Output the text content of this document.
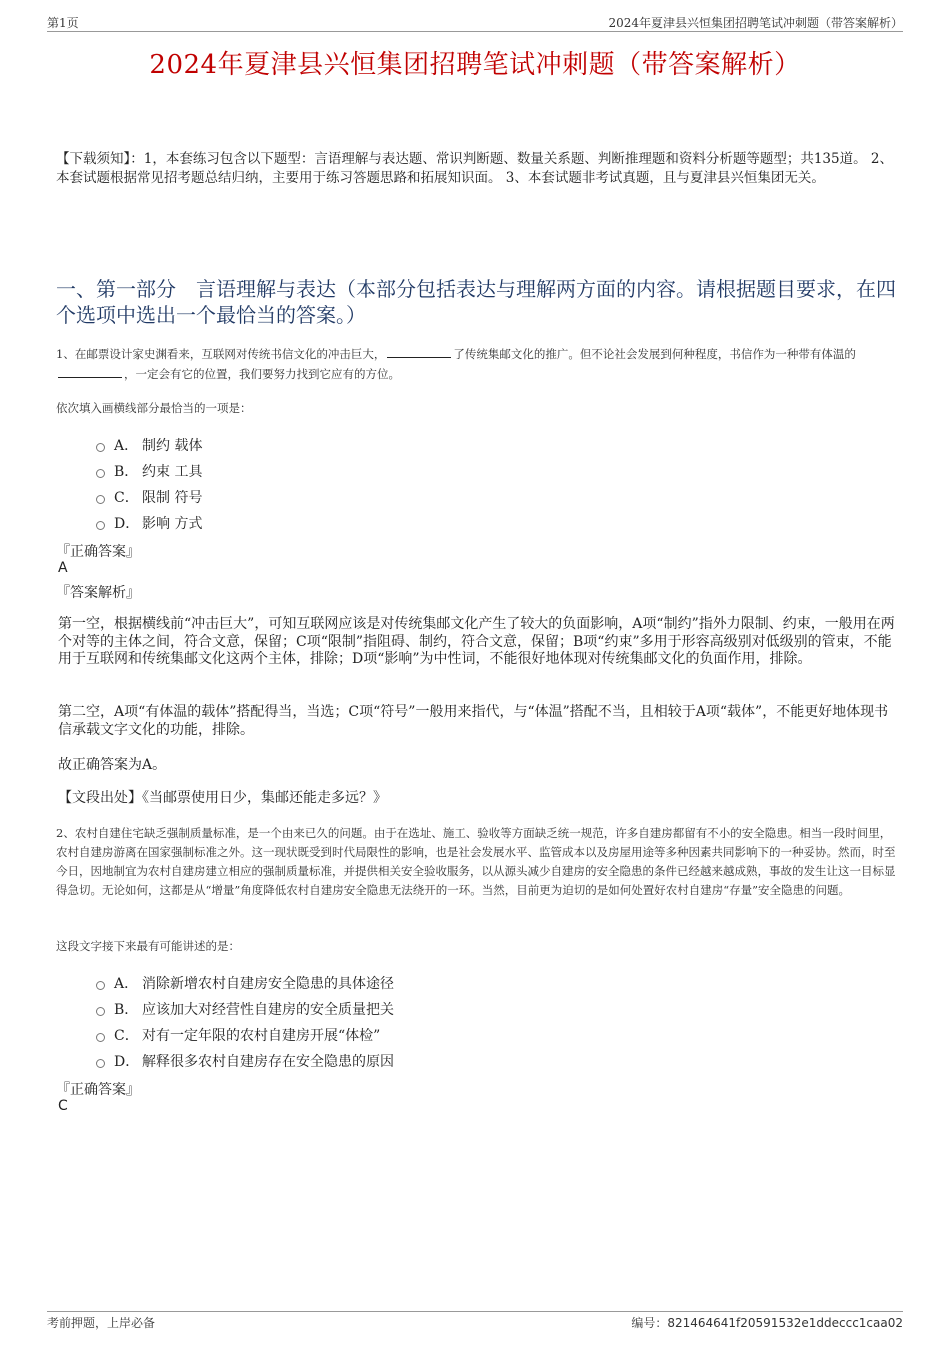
第1页	2024年夏津县兴恒集团招聘笔试冲刺题（带答案解析）
2024年夏津县兴恒集团招聘笔试冲刺题（带答案解析）
【下载须知】：1，本套练习包含以下题型：言语理解与表达题、常识判断题、数量关系题、判断推理题和资料分析题等题型；共135道。 2、本套试题根据常见招考题总结归纳，主要用于练习答题思路和拓展知识面。 3、本套试题非考试真题，且与夏津县兴恒集团无关。
一、第一部分　言语理解与表达（本部分包括表达与理解两方面的内容。请根据题目要求，在四个选项中选出一个最恰当的答案。）
1、在邮票设计家史渊看来，互联网对传统书信文化的冲击巨大，	了传统集邮文化的推广。但不论社会发展到何种程度，书信作为一种带有体温的，一定会有它的位置，我们要努力找到它应有的方位。
依次填入画横线部分最恰当的一项是：
A． 制约 载体
B． 约束 工具
C． 限制 符号
D． 影响 方式
『正确答案』
A
『答案解析』
第一空，根据横线前“冲击巨大”，可知互联网应该是对传统集邮文化产生了较大的负面影响，A项“制约”指外力限制、约束，一般用在两个对等的主体之间，符合文意，保留；C项“限制”指阻碍、制约，符合文意，保留；B项“约束”多用于形容高级别对低级别的管束，不能用于互联网和传统集邮文化这两个主体，排除；D项“影响”为中性词，不能很好地体现对传统集邮文化的负面作用，排除。
第二空，A项“有体温的载体”搭配得当，当选；C项“符号”一般用来指代，与“体温”搭配不当，且相较于A项“载体”，不能更好地体现书信承载文字文化的功能，排除。
故正确答案为A。
【文段出处】《当邮票使用日少，集邮还能走多远？》
2、农村自建住宅缺乏强制质量标准，是一个由来已久的问题。由于在选址、施工、验收等方面缺乏统一规范，许多自建房都留有不小的安全隐患。相当一段时间里，农村自建房游离在国家强制标准之外。这一现状既受到时代局限性的影响，也是社会发展水平、监管成本以及房屋用途等多种因素共同影响下的一种妥协。然而，时至今日，因地制宜为农村自建房建立相应的强制质量标准，并提供相关安全验收服务，以从源头减少自建房的安全隐患的条件已经越来越成熟，事故的发生让这一目标显得急切。无论如何，这都是从“增量”角度降低农村自建房安全隐患无法绕开的一环。当然，目前更为迫切的是如何处置好农村自建房“存量”安全隐患的问题。
这段文字接下来最有可能讲述的是：
A． 消除新增农村自建房安全隐患的具体途径
B． 应该加大对经营性自建房的安全质量把关
C． 对有一定年限的农村自建房开展“体检”
D． 解释很多农村自建房存在安全隐患的原因
『正确答案』
C
考前押题，上岸必备	编号：821464641f20591532e1ddeccc1caa02
